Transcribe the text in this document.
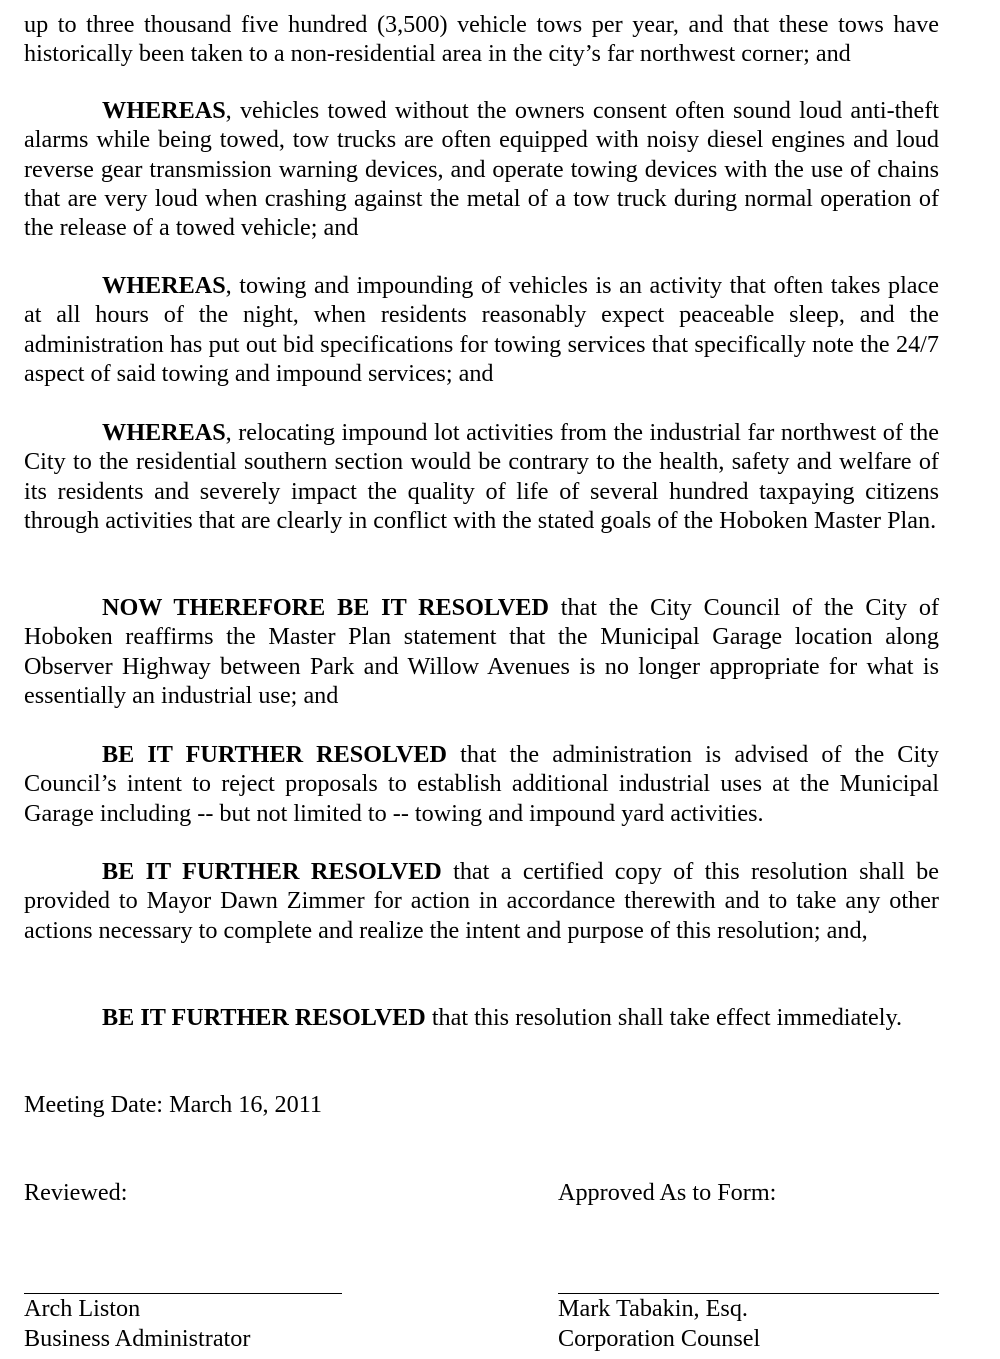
up to three thousand five hundred (3,500) vehicle tows per year, and that these tows have historically been taken to a non-residential area in the city’s far northwest corner; and

WHEREAS, vehicles towed without the owners consent often sound loud anti-theft alarms while being towed, tow trucks are often equipped with noisy diesel engines and loud reverse gear transmission warning devices, and operate towing devices with the use of chains that are very loud when crashing against the metal of a tow truck during normal operation of the release of a towed vehicle; and

WHEREAS, towing and impounding of vehicles is an activity that often takes place at all hours of the night, when residents reasonably expect peaceable sleep, and the administration has put out bid specifications for towing services that specifically note the 24/7 aspect of said towing and impound services; and

WHEREAS, relocating impound lot activities from the industrial far northwest of the City to the residential southern section would be contrary to the health, safety and welfare of its residents and severely impact the quality of life of several hundred taxpaying citizens through activities that are clearly in conflict with the stated goals of the Hoboken Master Plan.

NOW THEREFORE BE IT RESOLVED that the City Council of the City of Hoboken reaffirms the Master Plan statement that the Municipal Garage location along Observer Highway between Park and Willow Avenues is no longer appropriate for what is essentially an industrial use; and

BE IT FURTHER RESOLVED that the administration is advised of the City Council’s intent to reject proposals to establish additional industrial uses at the Municipal Garage including -- but not limited to -- towing and impound yard activities.

BE IT FURTHER RESOLVED that a certified copy of this resolution shall be provided to Mayor Dawn Zimmer for action in accordance therewith and to take any other actions necessary to complete and realize the intent and purpose of this resolution; and,

BE IT FURTHER RESOLVED that this resolution shall take effect immediately.

Meeting Date: March 16, 2011
Reviewed:	Approved As to Form:
Arch Liston
Business Administrator
Mark Tabakin, Esq.
Corporation Counsel
